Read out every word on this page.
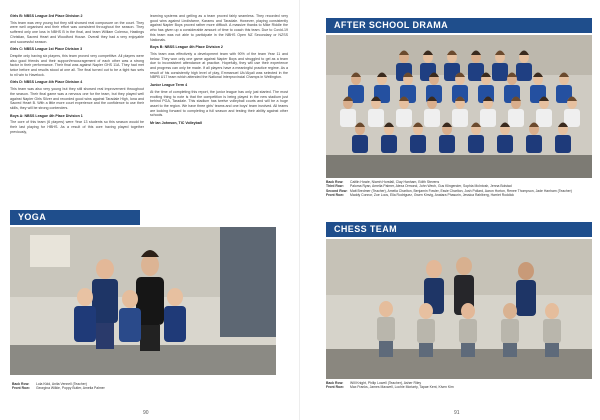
Girls B: NBSS League 3rd Place Division 2

This team was very young but they still showed real composure on the court. They were well organised and their effort was consistent throughout the season. They suffered only one loss in NBHS B in the final, and team William Colenso, Hastings Christian, Sacred Heart and Woodford House. Overall they had a very enjoyable and successful season.

Girls C: NBSS League 1st Place Division 3

Despite only having six players, this team proved very competitive. All players were also good friends and their support/encouragement of each other was a strong factor in their performance. Their final was against Napier GHS 11A. They had met twice before and results stood at one all. The final turned out to be a tight two sets to nil win to Havelock.

Girls D: NBSS League 4th Place Division 4

This team was also very young but they still showed real improvement throughout the season. Their final game was a nervous one for the team, but they played well against Napier Girls Silver and recorded good wins against Taradale High, Iona and Sacred Heart B. With a little more court experience and the confidence to use their skills, they will be strong contenders.

Boys A: NBSS League 4th Place Division 1

The core of this team (6 players) were Year 13 students so this season would be their last playing for HBHS. As a result of this core having played together previously,

learning systems and gelling as a team proved fairly seamless. They recorded very good wins against Lindisfarne, Karamu and Taradale. However, playing consistently against Napier Boys proved rather more difficult. A massive thanks to Mike Riddle the who has given up a considerable amount of time to coach this team. Due to Covid-19 this team was not able to participate in the NBHS Open NZ Secondary or NZSS Nationals.

Boys B: NBSS League 4th Place Division 2

This team was effectively a development team with 90% of the team Year 11 and below. They won only one game against Napier Boys and struggled to gel as a team due to inconsistent attendance at practice. Hopefully, they will use their experience and progress can only be made. If all players have a meaningful practice regime. As a result of his consistently high level of play, Emmanuel Ulu'Aiyali was selected in the NBPB U17 team which attended the National Interprovincial Champs in Wellington.

Junior League Term 4

At the time of completing this report, the junior league has only just started. The most exciting thing to note is that the competition is being played in the new stadium just behind PGA, Taradale. This stadium has twelve volleyball courts and will be a huge asset to the region. We have three girls' teams and one boys' team involved. All teams are looking forward to completing a full season and testing their ability against other schools.

Mr Ian Johnson, TIC Volleyball
YOGA
Back Row:	Lola Kidd, Anita Vennell (Teacher)
Front Row:	Georgina Wilkie, Poppy Butler, Amelia Palmer
90
AFTER SCHOOL DRAMA
Back Row:	Caitlin Howie, Niamh Horsfall, Clay Hanham, Edith Stevens
Third Row:	Paloma Ryan, Amelia Palmer, Alexa Ormond, John Wech, Gus Klingender, Sophia McIntosh, Jenna Bolstad
Second Row: Matt Bredmer (Teacher), Amelia Charlton, Benjamin Fowler, Essie Charlton, Josh Pollard, Aaron Horton, Renee Thompson, Jade Hanham (Teacher)
Front Row:	Maddy Connor, Zoe Loos, Ella Rodriguez, Gwen Kinvig, Anatara Phasurin, Jessica Rahlberg, Harriet Roddick
CHESS TEAM
Back Row:	Will Knight, Philip Lowell (Teacher), Asher Riley
Front Row:	Max Franks, James Maxwell, Lochie Moriarty, Tapae Kent, Kiven Kim
91
